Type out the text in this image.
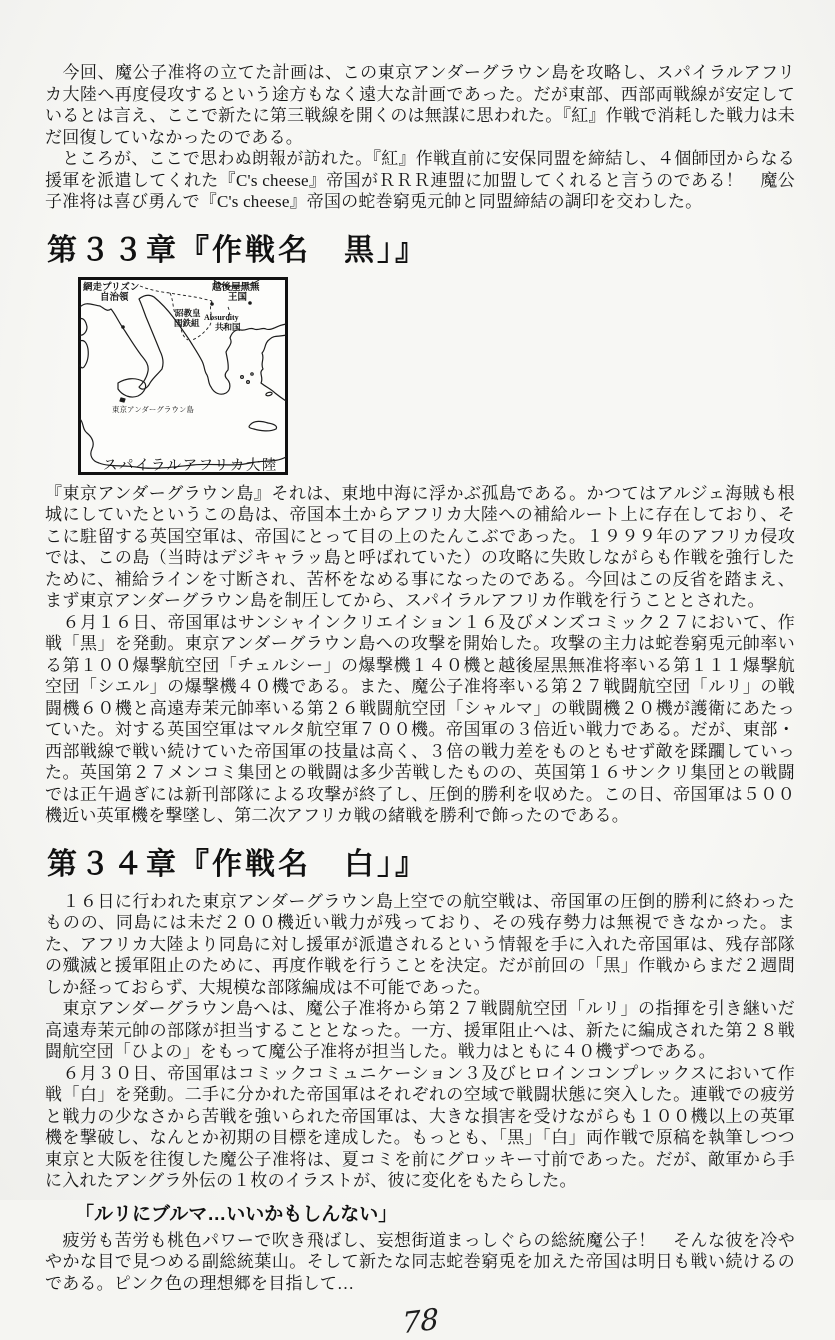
　今回、魔公子准将の立てた計画は、この東京アンダーグラウン島を攻略し、スパイラルアフリカ大陸へ再度侵攻するという途方もなく遠大な計画であった。だが東部、西部両戦線が安定しているとは言え、ここで新たに第三戦線を開くのは無謀に思われた。『紅』作戦で消耗した戦力は未だ回復していなかったのである。

　ところが、ここで思わぬ朗報が訪れた。『紅』作戦直前に安保同盟を締結し、４個師団からなる援軍を派遣してくれた『C's cheese』帝国がＲＲＲ連盟に加盟してくれると言うのである！　魔公子准将は喜び勇んで『C's cheese』帝国の蛇巻窮兎元帥と同盟締結の調印を交わした。

第３３章『作戦名　黒」』
網走プリズン
自治領
越後屋黒無
王国
昭教皇
国鉄組
Absurdity
共和国
東京アンダーグラウン島
スパイラルアフリカ大陸

『東京アンダーグラウン島』それは、東地中海に浮かぶ孤島である。かつてはアルジェ海賊も根城にしていたというこの島は、帝国本土からアフリカ大陸への補給ルート上に存在しており、そこに駐留する英国空軍は、帝国にとって目の上のたんこぶであった。１９９９年のアフリカ侵攻では、この島（当時はデジキャラッ島と呼ばれていた）の攻略に失敗しながらも作戦を強行したために、補給ラインを寸断され、苦杯をなめる事になったのである。今回はこの反省を踏まえ、まず東京アンダーグラウン島を制圧してから、スパイラルアフリカ作戦を行うこととされた。

　６月１６日、帝国軍はサンシャインクリエイション１６及びメンズコミック２７において、作戦「黒」を発動。東京アンダーグラウン島への攻撃を開始した。攻撃の主力は蛇巻窮兎元帥率いる第１００爆撃航空団「チェルシー」の爆撃機１４０機と越後屋黒無准将率いる第１１１爆撃航空団「シエル」の爆撃機４０機である。また、魔公子准将率いる第２７戦闘航空団「ルリ」の戦闘機６０機と高遠寿茉元帥率いる第２６戦闘航空団「シャルマ」の戦闘機２０機が護衛にあたっていた。対する英国空軍はマルタ航空軍７００機。帝国軍の３倍近い戦力である。だが、東部・西部戦線で戦い続けていた帝国軍の技量は高く、３倍の戦力差をものともせず敵を蹂躙していった。英国第２７メンコミ集団との戦闘は多少苦戦したものの、英国第１６サンクリ集団との戦闘では正午過ぎには新刊部隊による攻撃が終了し、圧倒的勝利を収めた。この日、帝国軍は５００機近い英軍機を撃墜し、第二次アフリカ戦の緒戦を勝利で飾ったのである。

第３４章『作戦名　白」』

　１６日に行われた東京アンダーグラウン島上空での航空戦は、帝国軍の圧倒的勝利に終わったものの、同島には未だ２００機近い戦力が残っており、その残存勢力は無視できなかった。また、アフリカ大陸より同島に対し援軍が派遣されるという情報を手に入れた帝国軍は、残存部隊の殲滅と援軍阻止のために、再度作戦を行うことを決定。だが前回の「黒」作戦からまだ２週間しか経っておらず、大規模な部隊編成は不可能であった。

　東京アンダーグラウン島へは、魔公子准将から第２７戦闘航空団「ルリ」の指揮を引き継いだ高遠寿茉元帥の部隊が担当することとなった。一方、援軍阻止へは、新たに編成された第２８戦闘航空団「ひよの」をもって魔公子准将が担当した。戦力はともに４０機ずつである。

　６月３０日、帝国軍はコミックコミュニケーション３及びヒロインコンプレックスにおいて作戦「白」を発動。二手に分かれた帝国軍はそれぞれの空域で戦闘状態に突入した。連戦での疲労と戦力の少なさから苦戦を強いられた帝国軍は、大きな損害を受けながらも１００機以上の英軍機を撃破し、なんとか初期の目標を達成した。もっとも、「黒」「白」両作戦で原稿を執筆しつつ東京と大阪を往復した魔公子准将は、夏コミを前にグロッキー寸前であった。だが、敵軍から手に入れたアングラ外伝の１枚のイラストが、彼に変化をもたらした。

「ルリにブルマ…いいかもしんない」

　疲労も苦労も桃色パワーで吹き飛ばし、妄想街道まっしぐらの総統魔公子！　そんな彼を冷ややかな目で見つめる副総統葉山。そして新たな同志蛇巻窮兎を加えた帝国は明日も戦い続けるのである。ピンク色の理想郷を目指して…

78
